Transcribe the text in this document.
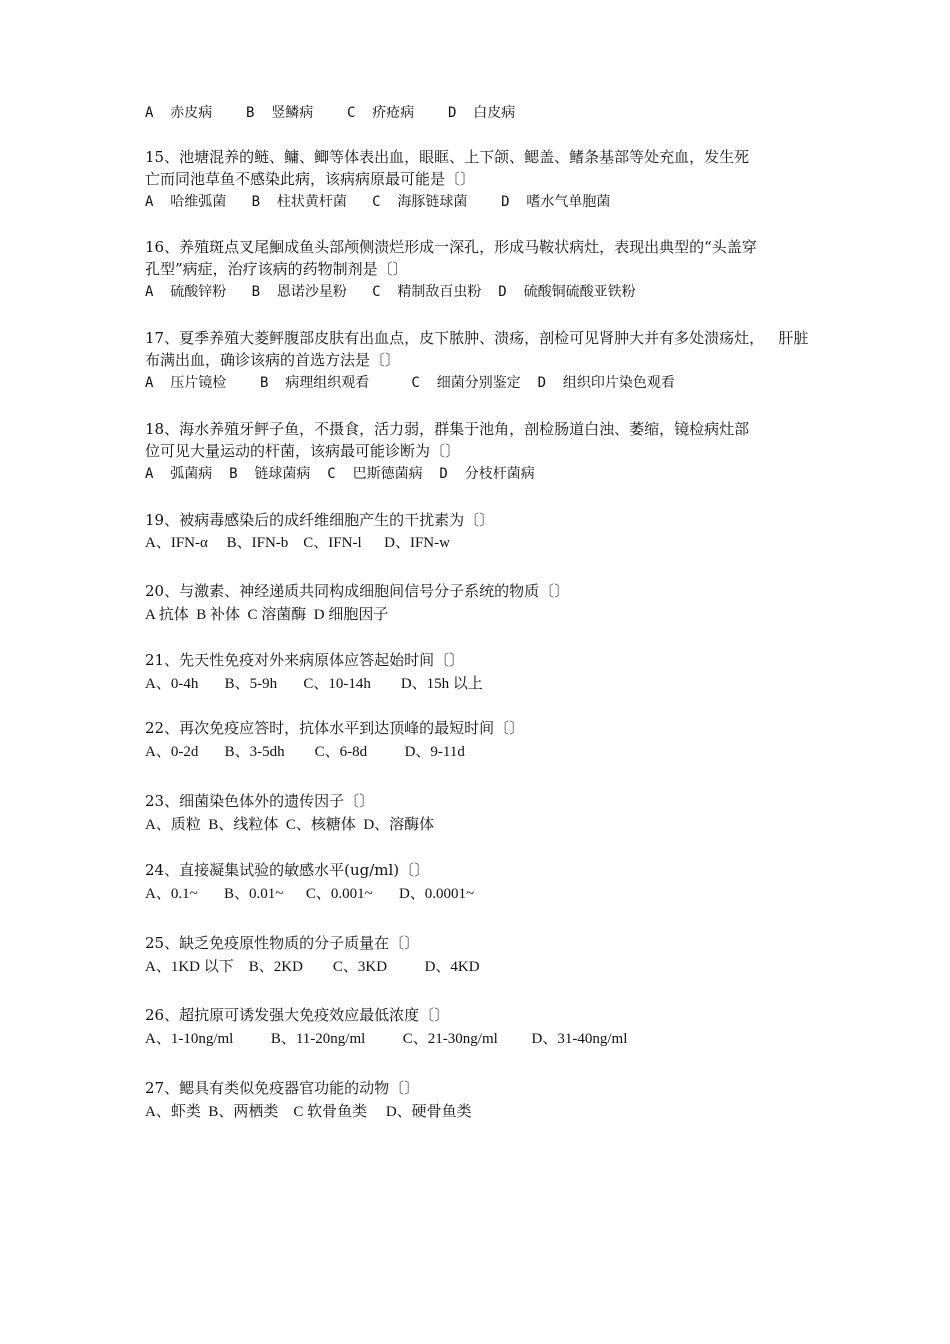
A  赤皮病    B  竖鳞病    C  疥疮病    D  白皮病
15、池塘混养的鲢、鳙、鲫等体表出血，眼眶、上下颌、鳃盖、鳍条基部等处充血，发生死
亡而同池草鱼不感染此病，该病病原最可能是〔〕
A  哈维弧菌   B  柱状黄杆菌   C  海豚链球菌    D  嗜水气单胞菌
16、养殖斑点叉尾鮰成鱼头部颅侧溃烂形成一深孔，形成马鞍状病灶，表现出典型的“头盖穿
孔型”病症，治疗该病的药物制剂是〔〕
A  硫酸锌粉   B  恩诺沙星粉   C  精制敌百虫粉  D  硫酸铜硫酸亚铁粉
17、夏季养殖大菱鲆腹部皮肤有出血点，皮下脓肿、溃疡，剖检可见肾肿大并有多处溃疡灶，   肝脏
布满出血，确诊该病的首选方法是〔〕
A  压片镜检    B  病理组织观看     C  细菌分别鉴定  D  组织印片染色观看
18、海水养殖牙鲆子鱼，不摄食，活力弱，群集于池角，剖检肠道白浊、萎缩，镜检病灶部
位可见大量运动的杆菌，该病最可能诊断为〔〕
A  弧菌病  B  链球菌病  C  巴斯德菌病  D  分枝杆菌病
19、被病毒感染后的成纤维细胞产生的干扰素为〔〕
A、IFN-α     B、IFN-b    C、IFN-l      D、IFN-w
20、与激素、神经递质共同构成细胞间信号分子系统的物质〔〕
A 抗体  B 补体  C 溶菌酶  D 细胞因子
21、先天性免疫对外来病原体应答起始时间〔〕
A、0-4h       B、5-9h       C、10-14h        D、15h 以上
22、再次免疫应答时，抗体水平到达顶峰的最短时间〔〕
A、0-2d       B、3-5dh        C、6-8d          D、9-11d
23、细菌染色体外的遗传因子〔〕
A、质粒  B、线粒体  C、核糖体  D、溶酶体
24、直接凝集试验的敏感水平(ug/ml)〔〕
A、0.1~       B、0.01~      C、0.001~       D、0.0001~
25、缺乏免疫原性物质的分子质量在〔〕
A、1KD 以下    B、2KD        C、3KD          D、4KD
26、超抗原可诱发强大免疫效应最低浓度〔〕
A、1-10ng/ml          B、11-20ng/ml          C、21-30ng/ml         D、31-40ng/ml
27、鳃具有类似免疫器官功能的动物〔〕
A、虾类  B、两栖类    C 软骨鱼类     D、硬骨鱼类
